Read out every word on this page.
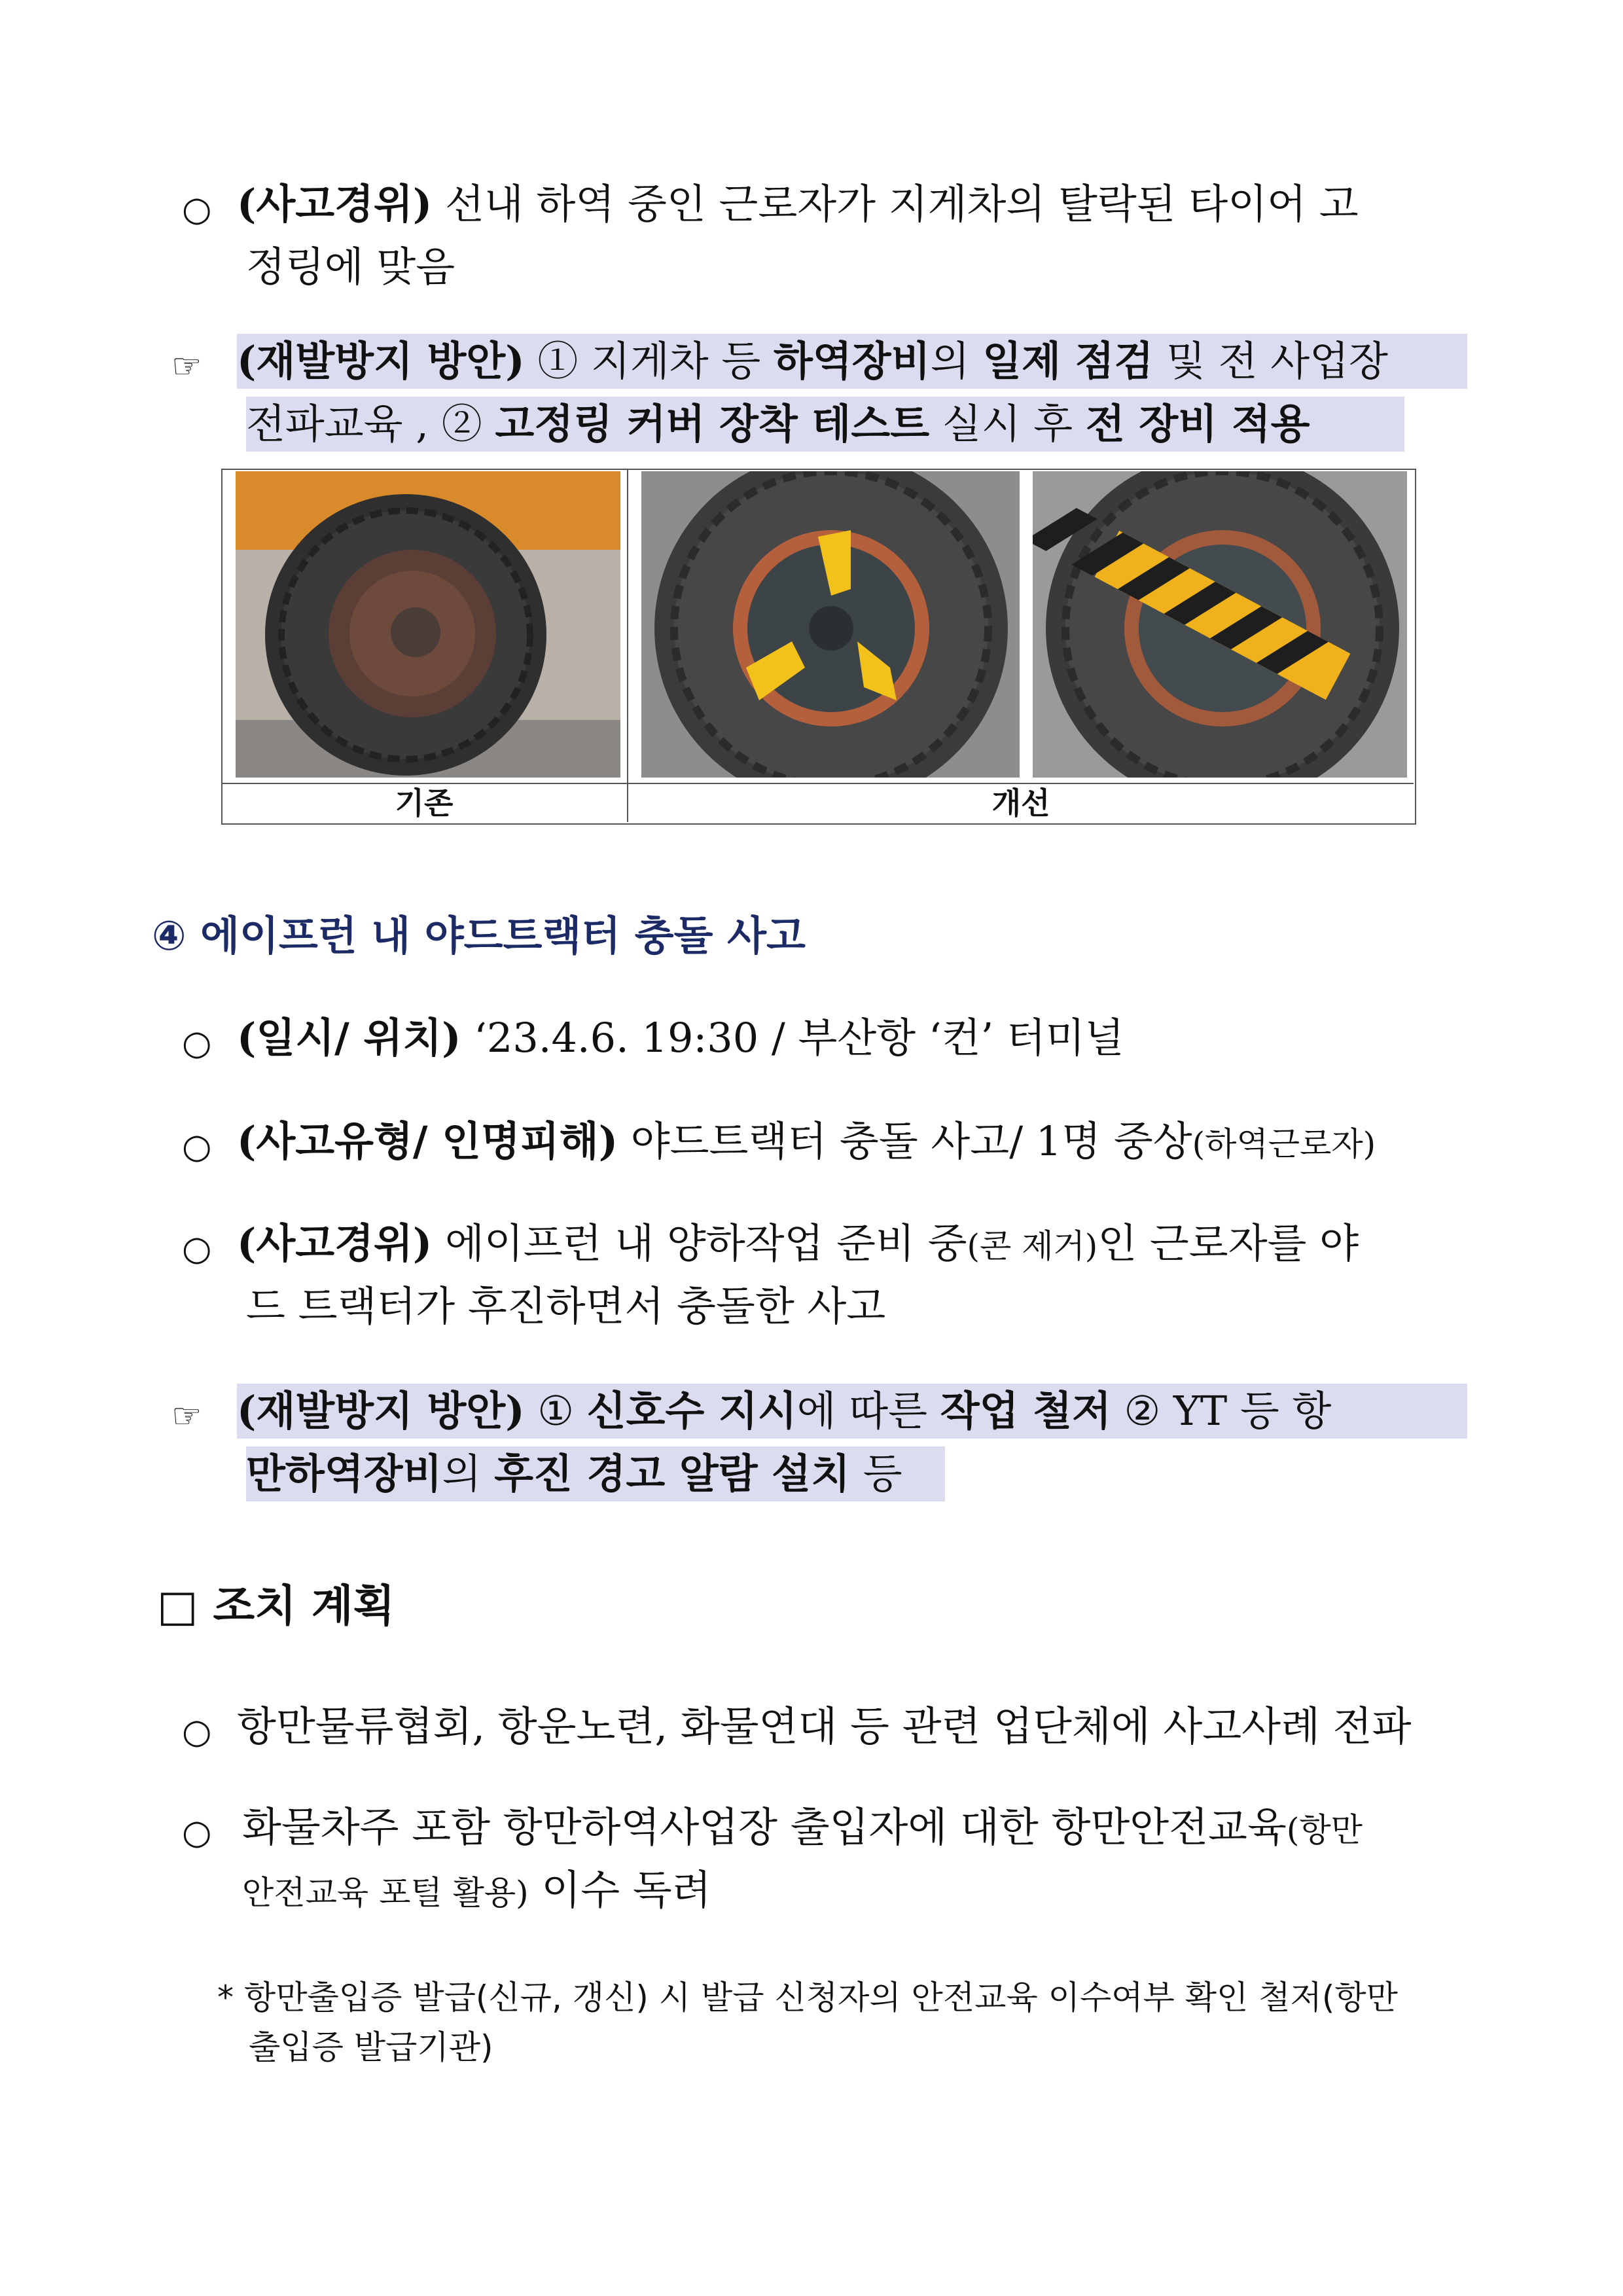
○ (사고경위) 선내 하역 중인 근로자가 지게차의 탈락된 타이어 고
정링에 맞음
☞ (재발방지 방안) ① 지게차 등 하역장비의 일제 점검 및 전 사업장
전파교육 , ② 고정링 커버 장착 테스트 실시 후 전 장비 적용
기존	개선
④ 에이프런 내 야드트랙터 충돌 사고
○ (일시/ 위치) ‘23.4.6. 19:30 / 부산항 ‘컨’ 터미널
○ (사고유형/ 인명피해) 야드트랙터 충돌 사고/ 1명 중상(하역근로자)
○ (사고경위) 에이프런 내 양하작업 준비 중(콘 제거)인 근로자를 야
드 트랙터가 후진하면서 충돌한 사고
☞ (재발방지 방안) ① 신호수 지시에 따른 작업 철저 ② YT 등 항
만하역장비의 후진 경고 알람 설치 등
□ 조치 계획
○ 항만물류협회, 항운노련, 화물연대 등 관련 업단체에 사고사례 전파
○ 화물차주 포함 항만하역사업장 출입자에 대한 항만안전교육(항만
안전교육 포털 활용) 이수 독려
* 항만출입증 발급(신규, 갱신) 시 발급 신청자의 안전교육 이수여부 확인 철저(항만
출입증 발급기관)
